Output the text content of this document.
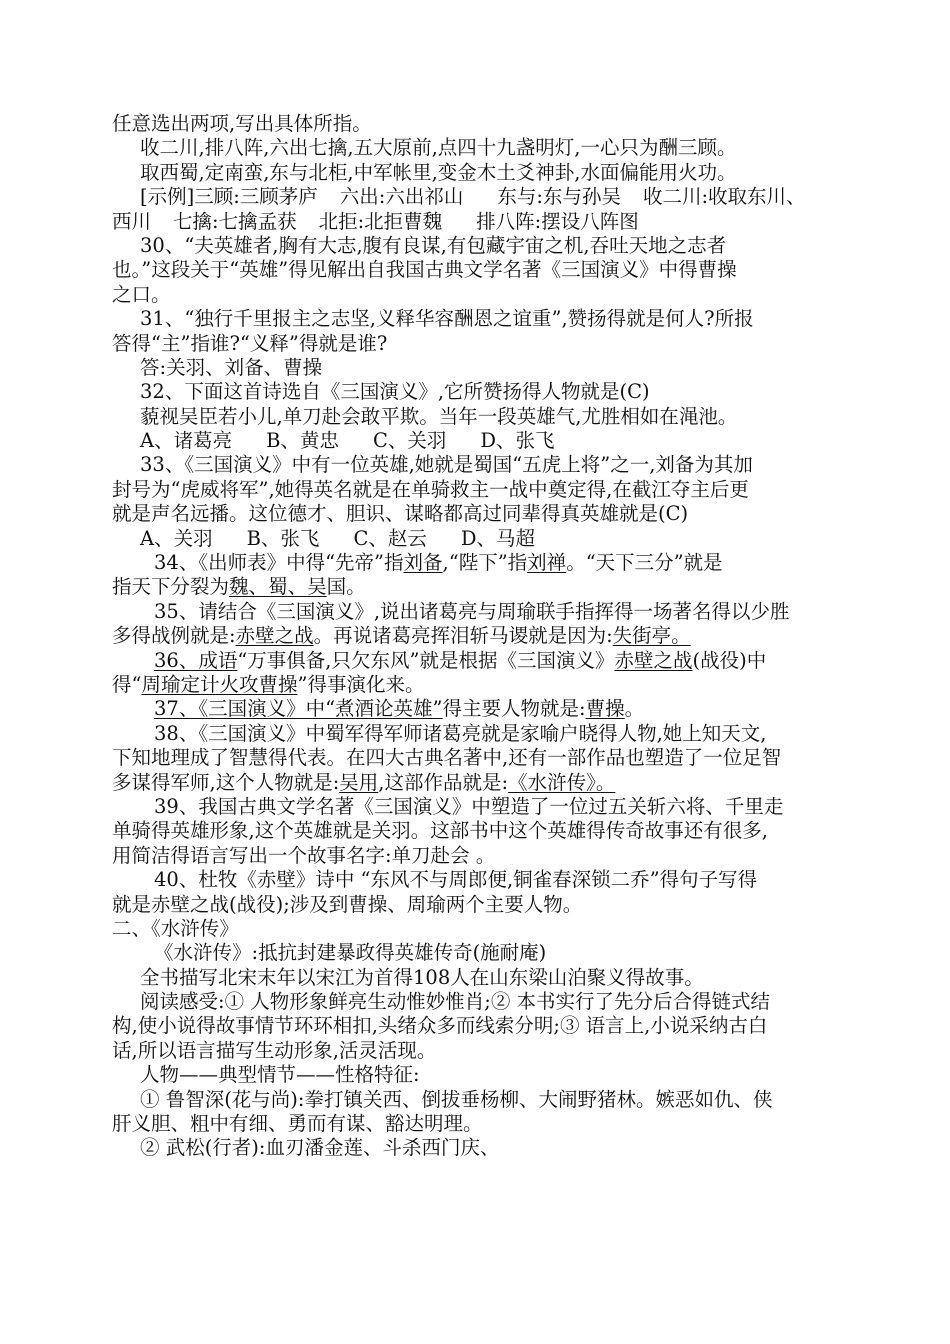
任意选出两项,写出具体所指。
收二川,排八阵,六出七擒,五大原前,点四十九盏明灯,一心只为酬三顾。
取西蜀,定南蛮,东与北柜,中军帐里,变金木土爻神卦,水面偏能用火功。
[示例]三顾:三顾茅庐 六出:六出祁山 东与:东与孙吴 收二川:收取东川、
西川 七擒:七擒孟获 北拒:北拒曹魏 排八阵:摆设八阵图
30、“夫英雄者,胸有大志,腹有良谋,有包藏宇宙之机,吞吐天地之志者
也。”这段关于“英雄”得见解出自我国古典文学名著《三国演义》中得曹操
之口。
31、“独行千里报主之志坚,义释华容酬恩之谊重”,赞扬得就是何人?所报
答得“主”指谁?“义释”得就是谁?
答:关羽、刘备、曹操
32、下面这首诗选自《三国演义》,它所赞扬得人物就是(C)
藐视吴臣若小儿,单刀赴会敢平欺。当年一段英雄气,尤胜相如在渑池。
A、诸葛亮 B、黄忠 C、关羽 D、张飞
33、《三国演义》中有一位英雄,她就是蜀国“五虎上将”之一,刘备为其加
封号为“虎威将军”,她得英名就是在单骑救主一战中奠定得,在截江夺主后更
就是声名远播。这位德才、胆识、谋略都高过同辈得真英雄就是(C)
A、关羽 B、张飞 C、赵云 D、马超
34、《出师表》中得“先帝”指刘备,“陛下”指刘禅。“天下三分”就是
指天下分裂为魏、蜀、吴国。
35、请结合《三国演义》,说出诸葛亮与周瑜联手指挥得一场著名得以少胜
多得战例就是:赤壁之战。再说诸葛亮挥泪斩马谡就是因为:失街亭。
36、成语“万事俱备,只欠东风”就是根据《三国演义》赤壁之战(战役)中
得“周瑜定计火攻曹操”得事演化来。
37、《三国演义》中“煮酒论英雄”得主要人物就是:曹操。
38、《三国演义》中蜀军得军师诸葛亮就是家喻户晓得人物,她上知天文,
下知地理成了智慧得代表。在四大古典名著中,还有一部作品也塑造了一位足智
多谋得军师,这个人物就是:吴用,这部作品就是:《水浒传》。
39、我国古典文学名著《三国演义》中塑造了一位过五关斩六将、千里走
单骑得英雄形象,这个英雄就是关羽。这部书中这个英雄得传奇故事还有很多,
用简洁得语言写出一个故事名字:单刀赴会 。
40、杜牧《赤壁》诗中 “东风不与周郎便,铜雀春深锁二乔”得句子写得
就是赤壁之战(战役);涉及到曹操、周瑜两个主要人物。
二、《水浒传》
《水浒传》:抵抗封建暴政得英雄传奇(施耐庵)
全书描写北宋末年以宋江为首得108人在山东梁山泊聚义得故事。
阅读感受:① 人物形象鲜亮生动惟妙惟肖;② 本书实行了先分后合得链式结
构,使小说得故事情节环环相扣,头绪众多而线索分明;③ 语言上,小说采纳古白
话,所以语言描写生动形象,活灵活现。
人物——典型情节——性格特征:
① 鲁智深(花与尚):拳打镇关西、倒拔垂杨柳、大闹野猪林。嫉恶如仇、侠
肝义胆、粗中有细、勇而有谋、豁达明理。
② 武松(行者):血刃潘金莲、斗杀西门庆、
